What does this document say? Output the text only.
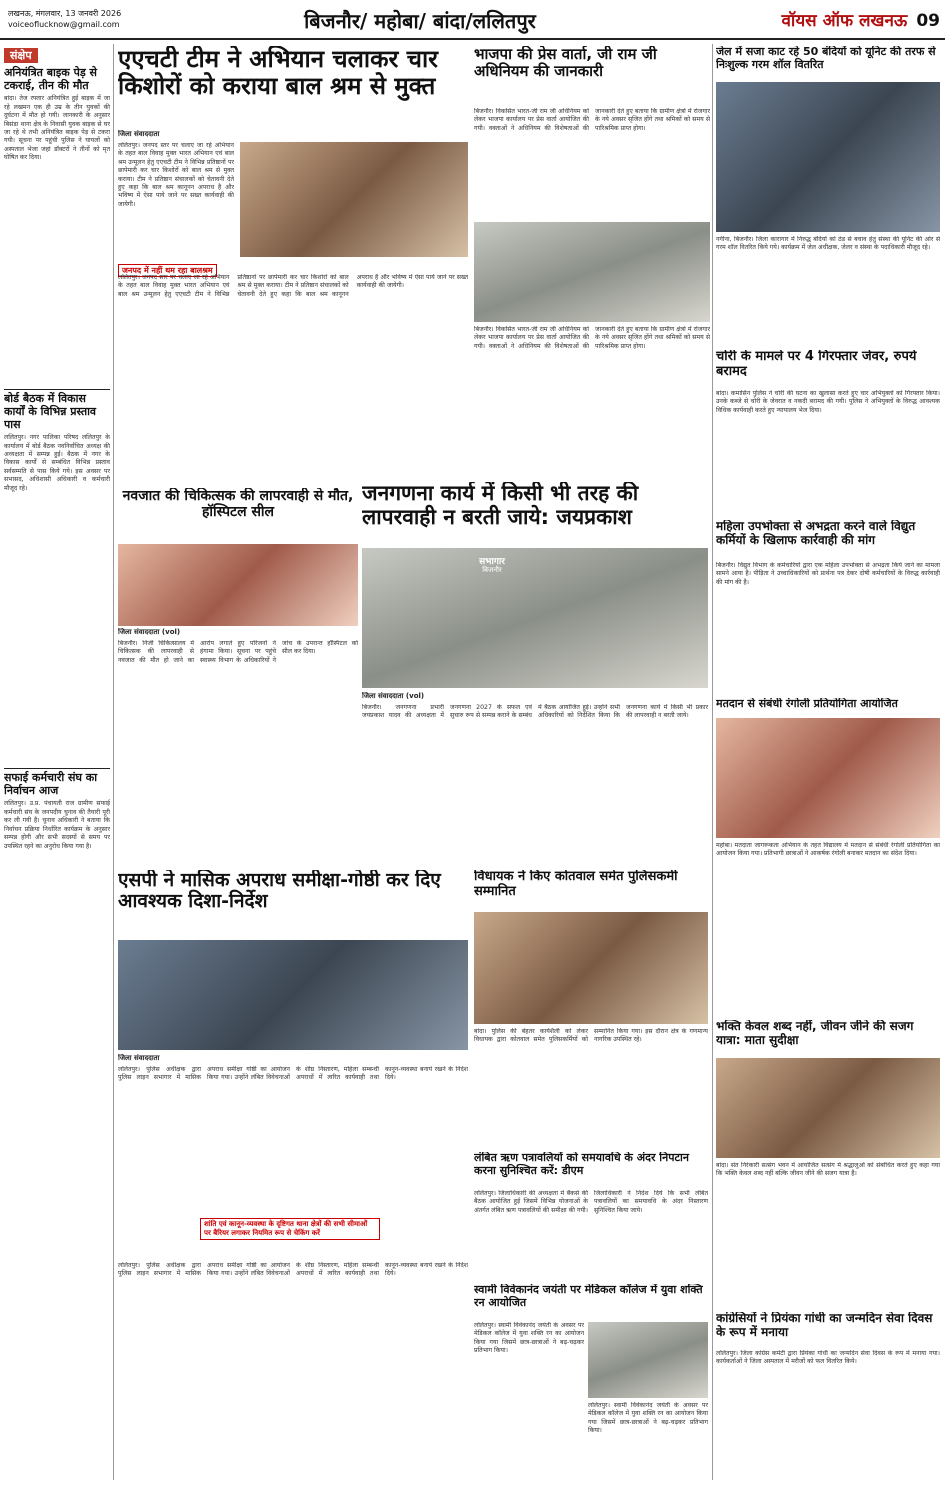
लखनऊ, मंगलवार, 13 जनवरी 2026
voiceoflucknow@gmail.com	बिजनौर/ महोबा/ बांदा/ललितपुर	वॉयस ऑफ लखनऊ 09
संक्षेप
अनियंत्रित बाइक पेड़ से टकराई, तीन की मौत
बांदा। तेज रफ्तार अनियंत्रित हुई बाइक में जा रहे लखमन एक ही उम्र के तीन युवकों की दुर्घटना में मौत हो गयी। जानकारी के अनुसार बिसंडा थाना क्षेत्र के निवासी युवक बाइक से घर जा रहे थे तभी अनियंत्रित बाइक पेड़ से टकरा गयी। सूचना पर पहुंची पुलिस ने घायलों को अस्पताल भेजा जहां डॉक्टरों ने तीनों को मृत घोषित कर दिया।
बोर्ड बैठक में विकास कार्यों के विभिन्न प्रस्ताव पास
ललितपुर। नगर पालिका परिषद ललितपुर के कार्यालय में बोर्ड बैठक नवनिर्वाचित अध्यक्ष की अध्यक्षता में सम्पन्न हुई। बैठक में नगर के विकास कार्यों से सम्बंधित विभिन्न प्रस्ताव सर्वसम्मति से पास किये गये। इस अवसर पर सभासद, अधिशासी अधिकारी व कर्मचारी मौजूद रहे।
सफाई कर्मचारी संघ का निर्वाचन आज
ललितपुर। उ.प्र. पंचायती राज ग्रामीण सफाई कर्मचारी संघ के जनपदीय चुनाव की तैयारी पूरी कर ली गयी है। चुनाव अधिकारी ने बताया कि निर्वाचन प्रक्रिया निर्धारित कार्यक्रम के अनुसार सम्पन्न होगी और सभी सदस्यों से समय पर उपस्थित रहने का अनुरोध किया गया है।
एएचटी टीम ने अभियान चलाकर चार किशोरों को कराया बाल श्रम से मुक्त
जिला संवाददाता
ललितपुर। जनपद स्तर पर चलाए जा रहे अभियान के तहत बाल विवाह मुक्त भारत अभियान एवं बाल श्रम उन्मूलन हेतु एएचटी टीम ने विभिन्न प्रतिष्ठानों पर छापेमारी कर चार किशोरों को बाल श्रम से मुक्त कराया। टीम ने प्रतिष्ठान संचालकों को चेतावनी देते हुए कहा कि बाल श्रम कानूनन अपराध है और भविष्य में ऐसा पाये जाने पर सख्त कार्यवाही की जायेगी।
जनपद में नहीं थम रहा बालश्रम
ललितपुर। जनपद स्तर पर चलाए जा रहे अभियान के तहत बाल विवाह मुक्त भारत अभियान एवं बाल श्रम उन्मूलन हेतु एएचटी टीम ने विभिन्न प्रतिष्ठानों पर छापेमारी कर चार किशोरों को बाल श्रम से मुक्त कराया। टीम ने प्रतिष्ठान संचालकों को चेतावनी देते हुए कहा कि बाल श्रम कानूनन अपराध है और भविष्य में ऐसा पाये जाने पर सख्त कार्यवाही की जायेगी।
भाजपा की प्रेस वार्ता, जी राम जी अधिनियम की जानकारी
बिजनौर। विकसित भारत-जी राम जी अधिनियम को लेकर भाजपा कार्यालय पर प्रेस वार्ता आयोजित की गयी। वक्ताओं ने अधिनियम की विशेषताओं की जानकारी देते हुए बताया कि ग्रामीण क्षेत्रों में रोजगार के नये अवसर सृजित होंगे तथा श्रमिकों को समय से पारिश्रमिक प्राप्त होगा।
बिजनौर। विकसित भारत-जी राम जी अधिनियम को लेकर भाजपा कार्यालय पर प्रेस वार्ता आयोजित की गयी। वक्ताओं ने अधिनियम की विशेषताओं की जानकारी देते हुए बताया कि ग्रामीण क्षेत्रों में रोजगार के नये अवसर सृजित होंगे तथा श्रमिकों को समय से पारिश्रमिक प्राप्त होगा।
जेल में सजा काट रहे 50 बंदियों को यूनिट की तरफ से निःशुल्क गरम शॉल वितरित
नगीना, बिजनौर। जिला कारागार में निरुद्ध बंदियों को ठंड से बचाव हेतु संस्था की यूनिट की ओर से गरम शॉल वितरित किये गये। कार्यक्रम में जेल अधीक्षक, जेलर व संस्था के पदाधिकारी मौजूद रहे।
चोरी के मामले पर 4 गिरफ्तार जेवर, रुपये बरामद
बांदा। कमासिन पुलिस ने चोरी की घटना का खुलासा करते हुए चार अभियुक्तों को गिरफ्तार किया। उनके कब्जे से चोरी के जेवरात व नकदी बरामद की गयी। पुलिस ने अभियुक्तों के विरुद्ध आवश्यक विधिक कार्यवाही करते हुए न्यायालय भेज दिया।
महिला उपभोक्ता से अभद्रता करने वाले विद्युत कर्मियों के खिलाफ कार्रवाही की मांग
बिजनौर। विद्युत विभाग के कर्मचारियों द्वारा एक महिला उपभोक्ता से अभद्रता किये जाने का मामला सामने आया है। पीड़िता ने उच्चाधिकारियों को प्रार्थना पत्र देकर दोषी कर्मचारियों के विरुद्ध कार्रवाही की मांग की है।
मतदान से संबंधी रंगोली प्रतियोगिता आयोजित
महोबा। मतदाता जागरूकता अभियान के तहत विद्यालय में मतदान से संबंधी रंगोली प्रतियोगिता का आयोजन किया गया। प्रतिभागी छात्राओं ने आकर्षक रंगोली बनाकर मतदान का संदेश दिया।
नवजात की चिकित्सक की लापरवाही से मौत, हॉस्पिटल सील
जिला संवाददाता (vol)
बिजनौर। निजी चिकित्सालय में चिकित्सक की लापरवाही से नवजात की मौत हो जाने का आरोप लगाते हुए परिजनों ने हंगामा किया। सूचना पर पहुंचे स्वास्थ्य विभाग के अधिकारियों ने जांच के उपरान्त हॉस्पिटल को सील कर दिया।
जनगणना कार्य में किसी भी तरह की लापरवाही न बरती जाये: जयप्रकाश
सभागार
बिजनौर
जिला संवाददाता (vol)
बिजनौर। जनगणना प्रभारी जयप्रकाश यादव की अध्यक्षता में जनगणना 2027 के सफल एवं सुचारु रूप से सम्पन्न कराने के सम्बंध में बैठक आयोजित हुई। उन्होंने सभी अधिकारियों को निर्देशित किया कि जनगणना कार्य में किसी भी प्रकार की लापरवाही न बरती जाये।
एसपी ने मासिक अपराध समीक्षा-गोष्ठी कर दिए आवश्यक दिशा-निर्देश
जिला संवाददाता
ललितपुर। पुलिस अधीक्षक द्वारा पुलिस लाइन सभागार में मासिक अपराध समीक्षा गोष्ठी का आयोजन किया गया। उन्होंने लंबित विवेचनाओं के शीघ्र निस्तारण, महिला सम्बन्धी अपराधों में त्वरित कार्यवाही तथा कानून-व्यवस्था बनाये रखने के निर्देश दिये।
शांति एवं कानून-व्यवस्था के दृष्टिगत थाना क्षेत्रों की सभी सीमाओं पर बैरियर लगाकर नियमित रूप से चेकिंग करें
ललितपुर। पुलिस अधीक्षक द्वारा पुलिस लाइन सभागार में मासिक अपराध समीक्षा गोष्ठी का आयोजन किया गया। उन्होंने लंबित विवेचनाओं के शीघ्र निस्तारण, महिला सम्बन्धी अपराधों में त्वरित कार्यवाही तथा कानून-व्यवस्था बनाये रखने के निर्देश दिये।
विधायक ने किए कोतवाल समेत पुलिसकर्मी सम्मानित
बांदा। पुलिस की बेहतर कार्यशैली को लेकर विधायक द्वारा कोतवाल समेत पुलिसकर्मियों को सम्मानित किया गया। इस दौरान क्षेत्र के गणमान्य नागरिक उपस्थित रहे।
लंबित ऋण पत्रावलियों को समयावधि के अंदर निपटान करना सुनिश्चित करें: डीएम
ललितपुर। जिलाधिकारी की अध्यक्षता में बैंकर्स की बैठक आयोजित हुई जिसमें विभिन्न योजनाओं के अंतर्गत लंबित ऋण पत्रावलियों की समीक्षा की गयी। जिलाधिकारी ने निर्देश दिये कि सभी लंबित पत्रावलियों का समयावधि के अंदर निस्तारण सुनिश्चित किया जाये।
स्वामी विवेकानंद जयंती पर मेडिकल कॉलेज में युवा शक्ति रन आयोजित
ललितपुर। स्वामी विवेकानंद जयंती के अवसर पर मेडिकल कॉलेज में युवा शक्ति रन का आयोजन किया गया जिसमें छात्र-छात्राओं ने बढ़-चढ़कर प्रतिभाग किया।
ललितपुर। स्वामी विवेकानंद जयंती के अवसर पर मेडिकल कॉलेज में युवा शक्ति रन का आयोजन किया गया जिसमें छात्र-छात्राओं ने बढ़-चढ़कर प्रतिभाग किया।
भक्ति केवल शब्द नहीं, जीवन जीने की सजग यात्रा: माता सुदीक्षा
बांदा। संत निरंकारी सत्संग भवन में आयोजित सत्संग में श्रद्धालुओं को संबोधित करते हुए कहा गया कि भक्ति केवल शब्द नहीं बल्कि जीवन जीने की सजग यात्रा है।
कांग्रेसियों ने प्रियंका गांधी का जन्मदिन सेवा दिवस के रूप में मनाया
ललितपुर। जिला कांग्रेस कमेटी द्वारा प्रियंका गांधी का जन्मदिन सेवा दिवस के रूप में मनाया गया। कार्यकर्ताओं ने जिला अस्पताल में मरीजों को फल वितरित किये।
